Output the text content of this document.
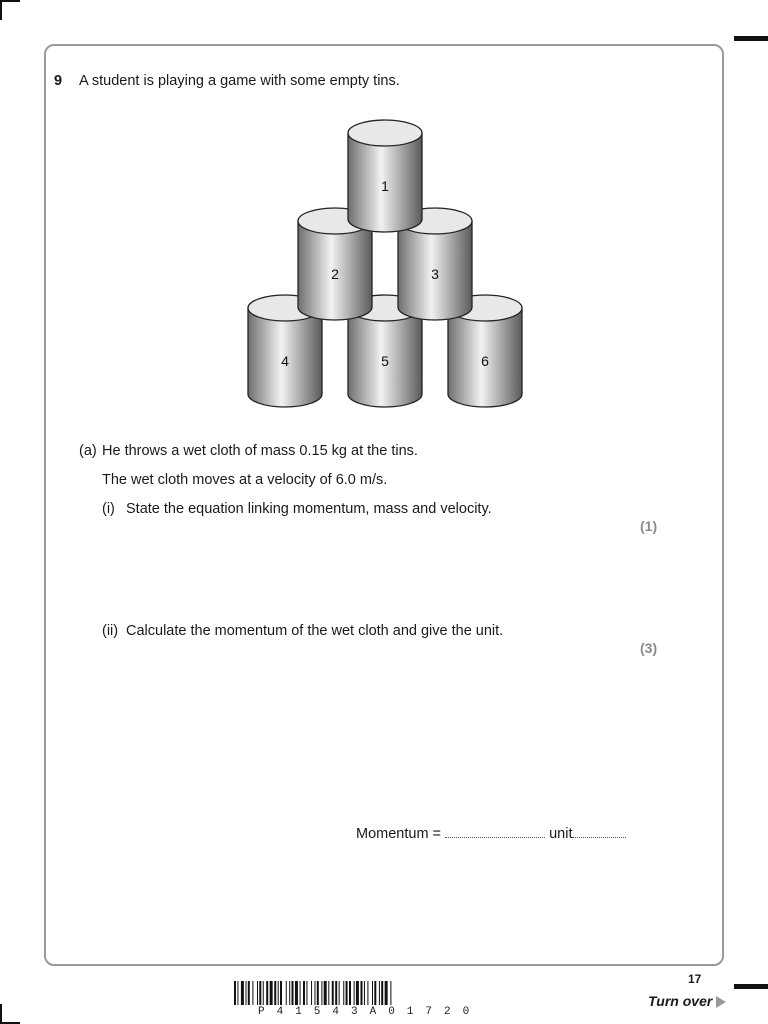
9 A student is playing a game with some empty tins.
4	5	6
2	3
1
(a) He throws a wet cloth of mass 0.15 kg at the tins.
The wet cloth moves at a velocity of 6.0 m/s.
(i) State the equation linking momentum, mass and velocity.
(1)
(ii) Calculate the momentum of the wet cloth and give the unit.
(3)
Momentum =	unit
P41543A01720
17
Turn over
